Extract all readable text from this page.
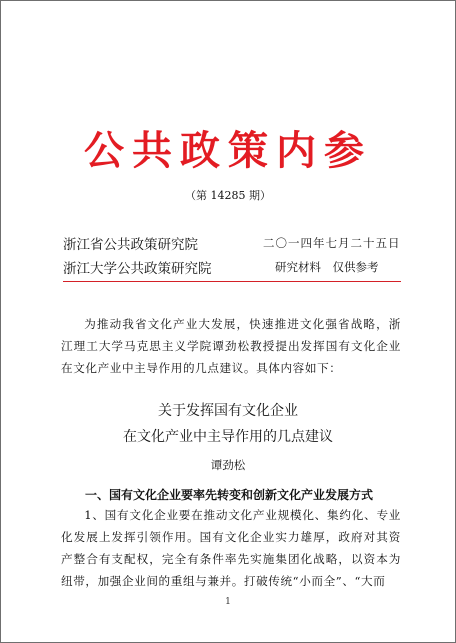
公共政策内参
（第 14285 期）
浙江省公共政策研究院	二〇一四年七月二十五日
浙江大学公共政策研究院	研究材料　仅供参考
为推动我省文化产业大发展，快速推进文化强省战略，浙江理工大学马克思主义学院谭劲松教授提出发挥国有文化企业在文化产业中主导作用的几点建议。具体内容如下：
关于发挥国有文化企业
在文化产业中主导作用的几点建议
谭劲松
一、国有文化企业要率先转变和创新文化产业发展方式
1、国有文化企业要在推动文化产业规模化、集约化、专业化发展上发挥引领作用。国有文化企业实力雄厚，政府对其资产整合有支配权，完全有条件率先实施集团化战略，以资本为纽带，加强企业间的重组与兼并。打破传统“小而全”、“大而
1
